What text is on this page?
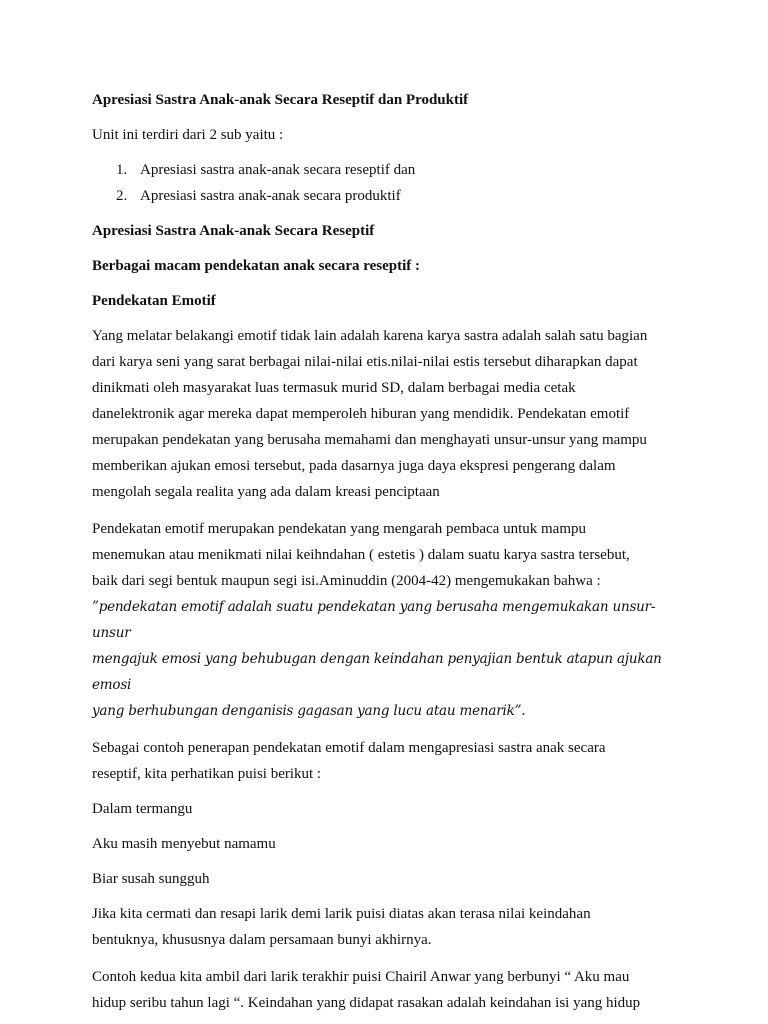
Apresiasi Sastra Anak-anak Secara Reseptif dan Produktif

Unit ini terdiri dari 2 sub yaitu :

1. Apresiasi sastra anak-anak secara reseptif dan
2. Apresiasi sastra anak-anak secara produktif

Apresiasi Sastra Anak-anak Secara Reseptif

Berbagai macam pendekatan anak secara reseptif :

Pendekatan Emotif

Yang melatar belakangi emotif tidak lain adalah karena karya sastra adalah salah satu bagian

dari karya seni yang sarat berbagai nilai-nilai etis.nilai-nilai estis tersebut diharapkan dapat

dinikmati oleh masyarakat luas termasuk murid SD, dalam berbagai media cetak

danelektronik agar mereka dapat memperoleh hiburan yang mendidik. Pendekatan emotif

merupakan pendekatan yang berusaha memahami dan menghayati unsur-unsur yang mampu

memberikan ajukan emosi tersebut, pada dasarnya juga daya ekspresi pengerang dalam

mengolah segala realita yang ada dalam kreasi penciptaan

Pendekatan emotif merupakan pendekatan yang mengarah pembaca untuk mampu

menemukan atau menikmati nilai keihndahan ( estetis ) dalam suatu karya sastra tersebut,

baik dari segi bentuk maupun segi isi.Aminuddin (2004-42) mengemukakan bahwa :

”pendekatan emotif adalah suatu pendekatan yang berusaha mengemukakan unsur-unsur

mengajuk emosi yang behubugan dengan keindahan penyajian bentuk atapun ajukan emosi

yang berhubungan denganisis gagasan yang lucu atau menarik”.

Sebagai contoh penerapan pendekatan emotif dalam mengapresiasi sastra anak secara

reseptif, kita perhatikan puisi berikut :

Dalam termangu

Aku masih menyebut namamu

Biar susah sungguh

Jika kita cermati dan resapi larik demi larik puisi diatas akan terasa nilai keindahan

bentuknya, khususnya dalam persamaan bunyi akhirnya.

Contoh kedua kita ambil dari larik terakhir puisi Chairil Anwar yang berbunyi “ Aku mau

hidup seribu tahun lagi “. Keindahan yang didapat rasakan adalah keindahan isi yang hidup
